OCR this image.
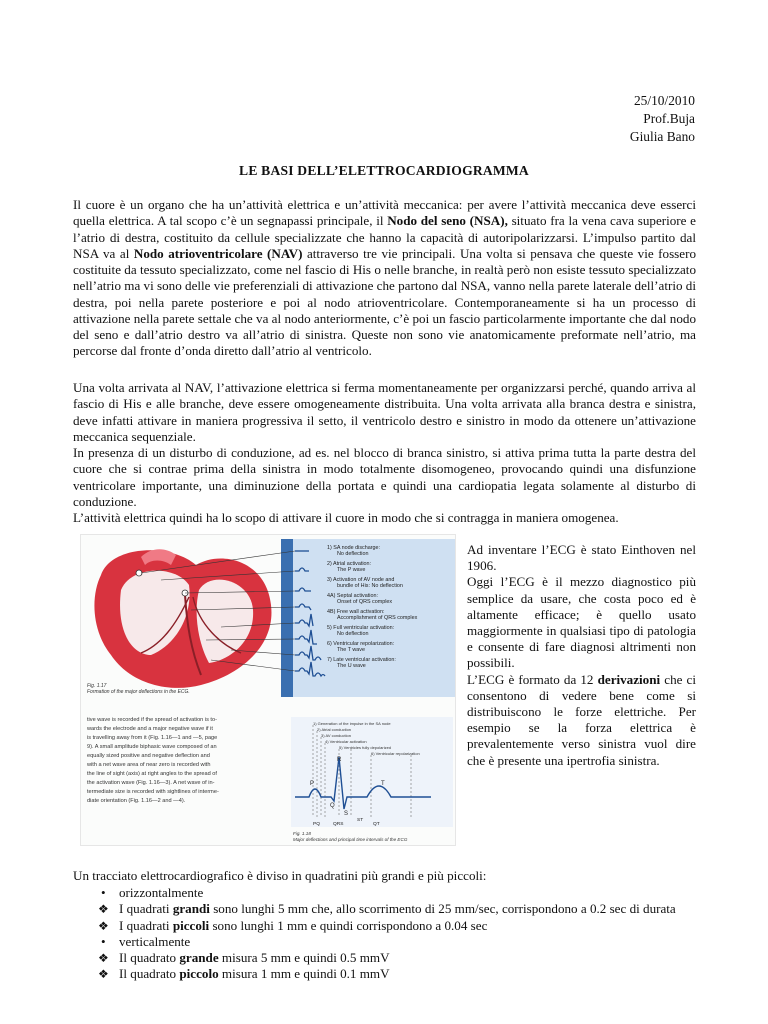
25/10/2010
Prof.Buja
Giulia Bano
LE BASI DELL’ELETTROCARDIOGRAMMA
Il cuore è un organo che ha un’attività elettrica e un’attività meccanica: per avere l’attività meccanica deve esserci quella elettrica. A tal scopo c’è un segnapassi principale, il Nodo del seno (NSA), situato fra la vena cava superiore e l’atrio di destra, costituito da cellule specializzate che hanno la capacità di autoripolarizzarsi. L’impulso partito dal NSA va al Nodo atrioventricolare (NAV) attraverso tre vie principali. Una volta si pensava che queste vie fossero costituite da tessuto specializzato, come nel fascio di His o nelle branche, in realtà però non esiste tessuto specializzato nell’atrio ma vi sono delle vie preferenziali di attivazione che partono dal NSA, vanno nella parete laterale dell’atrio di destra, poi nella parete posteriore e poi al nodo atrioventricolare. Contemporaneamente si ha un processo di attivazione nella parete settale che va al nodo anteriormente, c’è poi un fascio particolarmente importante che dal nodo del seno e dall’atrio destro va all’atrio di sinistra. Queste non sono vie anatomicamente preformate nell’atrio, ma percorse dal fronte d’onda diretto dall’atrio al ventricolo.
Una volta arrivata al NAV, l’attivazione elettrica si ferma momentaneamente per organizzarsi perché, quando arriva al fascio di His e alle branche, deve essere omogeneamente distribuita. Una volta arrivata alla branca destra e sinistra, deve infatti attivare in maniera progressiva il setto, il ventricolo destro e sinistro in modo da ottenere un’attivazione meccanica sequenziale.
In presenza di un disturbo di conduzione, ad es. nel blocco di branca sinistro, si attiva prima tutta la parte destra del cuore che si contrae prima della sinistra in modo totalmente disomogeneo, provocando quindi una disfunzione ventricolare importante, una diminuzione della portata e quindi una cardiopatia legata solamente al disturbo di conduzione.
L’attività elettrica quindi ha lo scopo di attivare il cuore in modo che si contragga in maniera omogenea.
1) SA node discharge:
No deflection
2) Atrial activation:
The P wave
3) Activation of AV node and
bundle of His: No deflection
4A) Septal activation:
Onset of QRS complex
4B) Free wall activation:
Accomplishment of QRS complex
5) Full ventricular activation:
No deflection
6) Ventricular repolarization:
The T wave
7) Late ventricular activation:
The U wave
Fig. 1.17
Formation of the major deflections in the ECG.
tive wave is recorded if the spread of activation is to-
wards the electrode and a major negative wave if it
is travelling away from it (Fig. 1.16—1 and —5, page
9). A small amplitude biphasic wave composed of an
equally sized positive and negative deflection and
with a net wave area of near zero is recorded with
the line of sight (axis) at right angles to the spread of
the activation wave (Fig. 1.16—3). A net wave of in-
termediate size is recorded with sightlines of interme-
diate orientation (Fig. 1.16—2 and —4).
1) Generation of the impulse in the SA node
2) Atrial conduction
3) AV conduction
4) Ventricular activation
5) Ventricles fully depolarized
6) Ventricular repolarization
P
R
T
Q
S
PQ	QRS
ST
QT
Fig. 1.18
Major deflections and principal time intervals of the ECG

Ad inventare l’ECG è stato Einthoven nel 1906.

Oggi l’ECG è il mezzo diagnostico più semplice da usare, che costa poco ed è altamente efficace; è quello usato maggiormente in qualsiasi tipo di patologia e consente di fare diagnosi altrimenti non possibili.

L’ECG è formato da 12 derivazioni che ci consentono di vedere bene come si distribuiscono le forze elettriche. Per esempio se la forza elettrica è prevalentemente verso sinistra vuol dire che è presente una ipertrofia sinistra.

Un tracciato elettrocardiografico è diviso in quadratini più grandi e più piccoli:
• orizzontalmente
❖ I quadrati grandi sono lunghi 5 mm che, allo scorrimento di 25 mm/sec, corrispondono a 0.2 sec di durata
❖ I quadrati piccoli sono lunghi 1 mm e quindi corrispondono a 0.04 sec
• verticalmente
❖ Il quadrato grande misura 5 mm e quindi 0.5 mmV
❖ Il quadrato piccolo misura 1 mm e quindi 0.1 mmV
